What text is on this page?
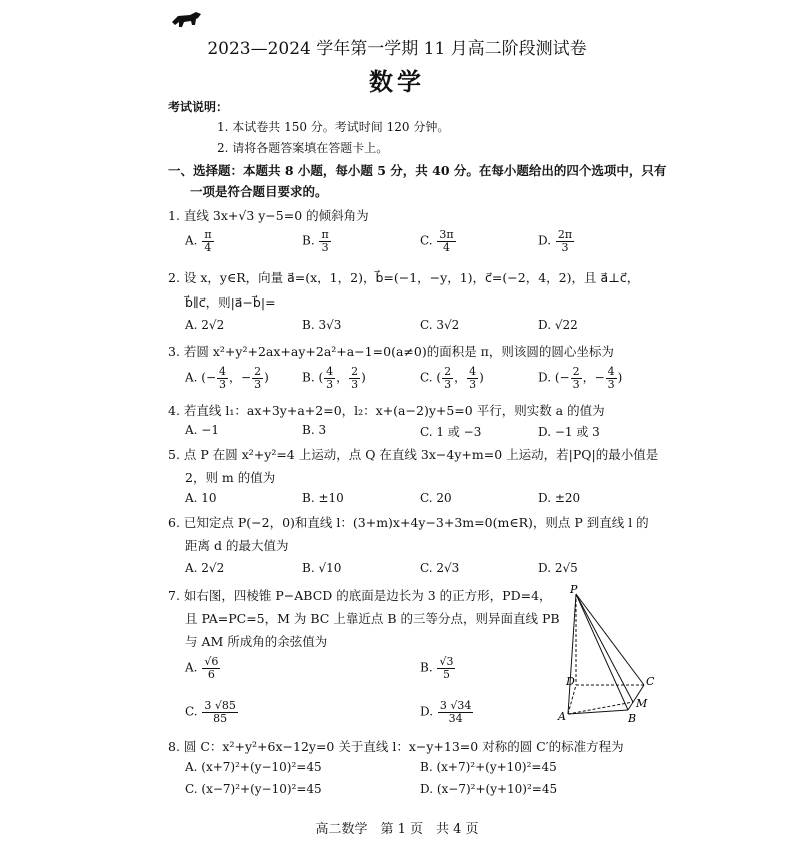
2023—2024 学年第一学期 11 月高二阶段测试卷
数学
考试说明：
1. 本试卷共 150 分。考试时间 120 分钟。
2. 请将各题答案填在答题卡上。
一、选择题：本题共 8 小题，每小题 5 分，共 40 分。在每小题给出的四个选项中，只有
一项是符合题目要求的。
1. 直线 3x+√3 y−5=0 的倾斜角为
A. $\frac{\pi}{4}$	B. $\frac{\pi}{3}$	C. $\frac{3\pi}{4}$	D. $\frac{2\pi}{3}$
2. 设 x，y∈R，向量 a⃗=(x，1，2)，b⃗=(−1，−y，1)，c⃗=(−2，4，2)，且 a⃗⊥c⃗，
b⃗∥c⃗，则|a⃗−b⃗|=
A. 2√2	B. 3√3	C. 3√2	D. √22
3. 若圆 x²+y²+2ax+ay+2a²+a−1=0(a≠0)的面积是 π，则该圆的圆心坐标为
A. (− $\frac{4}{3}$ ，− $\frac{2}{3}$ )	B. ( $\frac{4}{3}$ ， $\frac{2}{3}$ )	C. ( $\frac{2}{3}$ ， $\frac{4}{3}$ )	D. (− $\frac{2}{3}$ ，− $\frac{4}{3}$ )
4. 若直线 l₁：ax+3y+a+2=0，l₂：x+(a−2)y+5=0 平行，则实数 a 的值为
A. −1	B. 3	C. 1 或 −3	D. −1 或 3
5. 点 P 在圆 x²+y²=4 上运动，点 Q 在直线 3x−4y+m=0 上运动，若|PQ|的最小值是
2，则 m 的值为
A. 10	B. ±10	C. 20	D. ±20
6. 已知定点 P(−2，0)和直线 l：(3+m)x+4y−3+3m=0(m∈R)，则点 P 到直线 l 的
距离 d 的最大值为
A. 2√2	B. √10	C. 2√3	D. 2√5
7. 如右图，四棱锥 P−ABCD 的底面是边长为 3 的正方形，PD=4，
且 PA=PC=5，M 为 BC 上靠近点 B 的三等分点，则异面直线 PB
与 AM 所成角的余弦值为
A. $\frac{√6}{6}$	B. $\frac{√3}{5}$
C. $\frac{3 √85}{85}$	D. $\frac{3 √34}{34}$
P
A	B
C
D
M
8. 圆 C：x²+y²+6x−12y=0 关于直线 l：x−y+13=0 对称的圆 C′的标准方程为
A. (x+7)²+(y−10)²=45	B. (x+7)²+(y+10)²=45
C. (x−7)²+(y−10)²=45	D. (x−7)²+(y+10)²=45
高二数学　第 1 页　共 4 页
